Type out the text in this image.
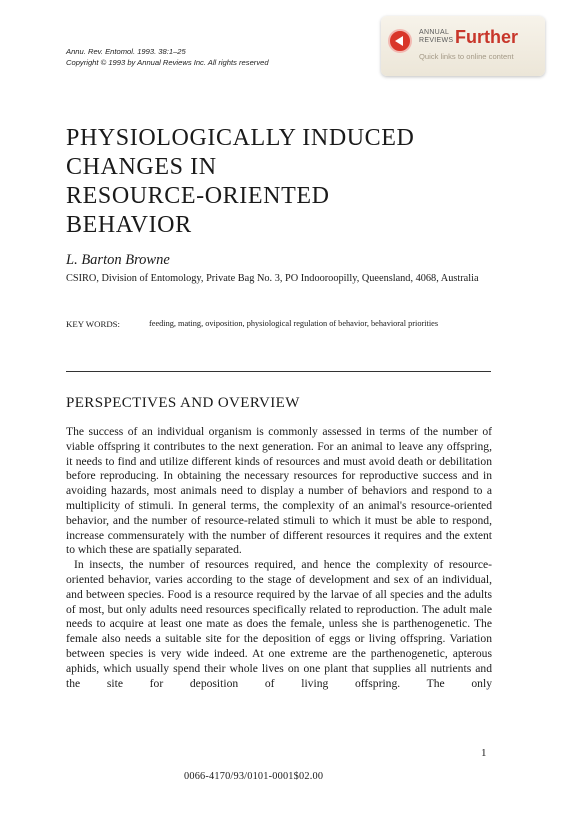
Annu. Rev. Entomol. 1993. 38:1–25
Copyright © 1993 by Annual Reviews Inc. All rights reserved
ANNUAL
REVIEWS Further
Quick links to online content
PHYSIOLOGICALLY INDUCED
CHANGES IN
RESOURCE-ORIENTED
BEHAVIOR
L. Barton Browne
CSIRO, Division of Entomology, Private Bag No. 3, PO Indooroopilly, Queensland, 4068, Australia
KEY WORDS:	feeding, mating, oviposition, physiological regulation of behavior, behavioral priorities
PERSPECTIVES AND OVERVIEW

The success of an individual organism is commonly assessed in terms of the number of viable offspring it contributes to the next generation. For an animal to leave any offspring, it needs to find and utilize different kinds of resources and must avoid death or debilitation before reproducing. In obtaining the necessary resources for reproductive success and in avoiding hazards, most animals need to display a number of behaviors and respond to a multiplicity of stimuli. In general terms, the complexity of an animal's resource-oriented behavior, and the number of resource-related stimuli to which it must be able to respond, increase commensurately with the number of different resources it requires and the extent to which these are spatially separated.

In insects, the number of resources required, and hence the complexity of resource-oriented behavior, varies according to the stage of development and sex of an individual, and between species. Food is a resource required by the larvae of all species and the adults of most, but only adults need resources specifically related to reproduction. The adult male needs to acquire at least one mate as does the female, unless she is parthenogenetic. The female also needs a suitable site for the deposition of eggs or living offspring. Variation between species is very wide indeed. At one extreme are the parthenogenetic, apterous aphids, which usually spend their whole lives on one plant that supplies all nutrients and the site for deposition of living offspring. The only

1
0066-4170/93/0101-0001$02.00
